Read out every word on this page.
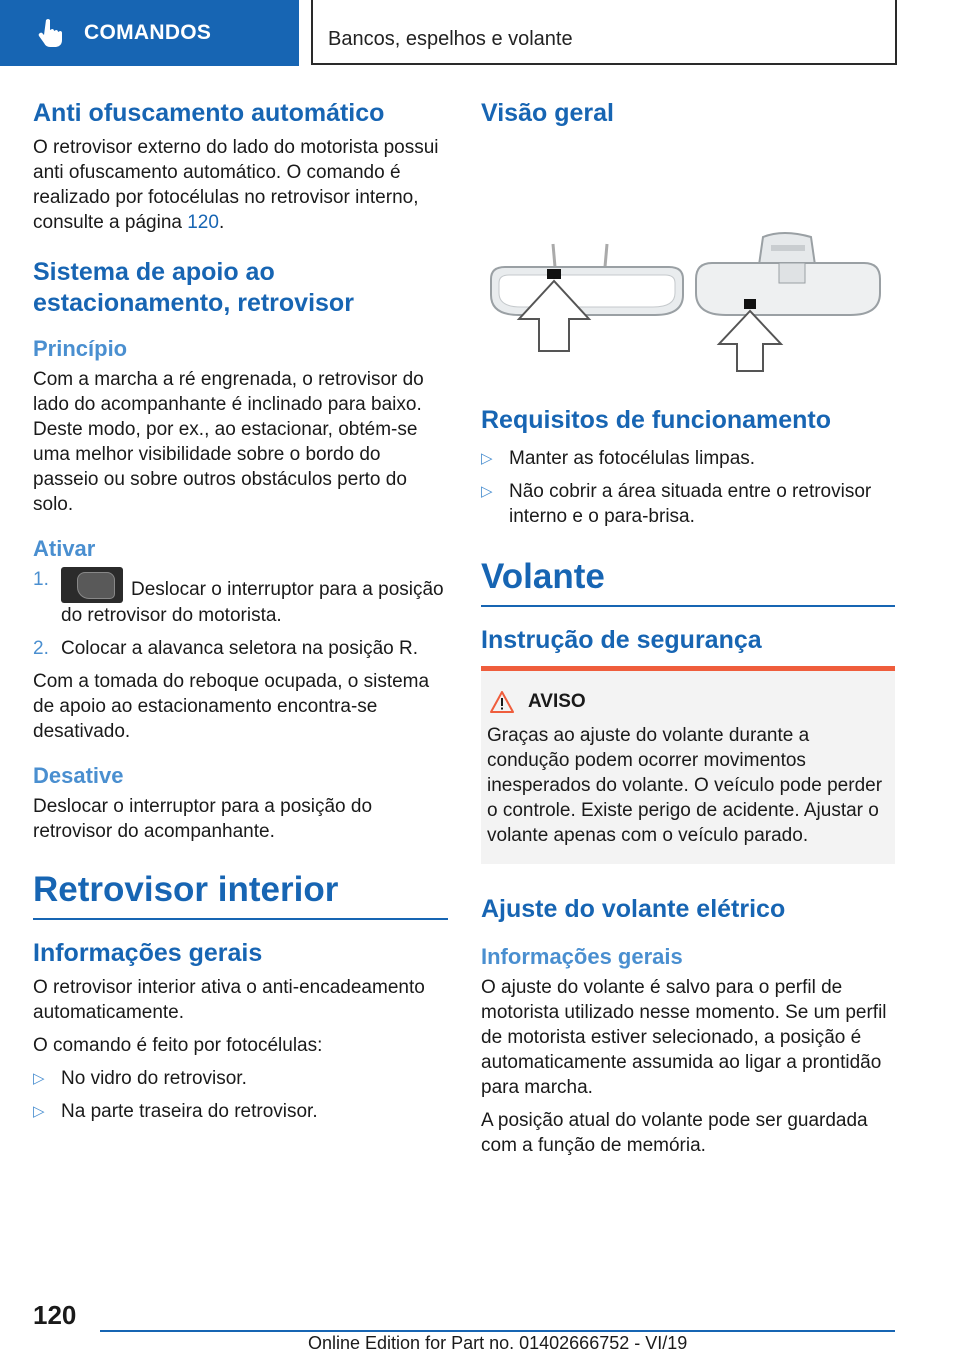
COMANDOS	Bancos, espelhos e volante
Anti ofuscamento automático

O retrovisor externo do lado do motorista possui anti ofuscamento automático. O comando é realizado por fotocélulas no retrovisor interno, consulte a página 120.

Sistema de apoio ao estacionamento, retrovisor
Princípio

Com a marcha a ré engrenada, o retrovisor do lado do acompanhante é inclinado para baixo. Deste modo, por ex., ao estacionar, obtém-se uma melhor visibilidade sobre o bordo do passeio ou sobre outros obstáculos perto do solo.

Ativar
1.	Deslocar o interruptor para a posição do retrovisor do motorista.
2. Colocar a alavanca seletora na posição R.

Com a tomada do reboque ocupada, o sistema de apoio ao estacionamento encontra-se desativado.

Desative

Deslocar o interruptor para a posição do retrovisor do acompanhante.

Retrovisor interior
Informações gerais

O retrovisor interior ativa o anti-encadeamento automaticamente.

O comando é feito por fotocélulas:

▷ No vidro do retrovisor.
▷ Na parte traseira do retrovisor.
Visão geral
Requisitos de funcionamento
▷ Manter as fotocélulas limpas.
▷ Não cobrir a área situada entre o retrovisor interno e o para-brisa.
Volante
Instrução de segurança
AVISO

Graças ao ajuste do volante durante a condução podem ocorrer movimentos inesperados do volante. O veículo pode perder o controle. Existe perigo de acidente. Ajustar o volante apenas com o veículo parado.

Ajuste do volante elétrico
Informações gerais

O ajuste do volante é salvo para o perfil de motorista utilizado nesse momento. Se um perfil de motorista estiver selecionado, a posição é automaticamente assumida ao ligar a prontidão para marcha.

A posição atual do volante pode ser guardada com a função de memória.

120
Online Edition for Part no. 01402666752 - VI/19
